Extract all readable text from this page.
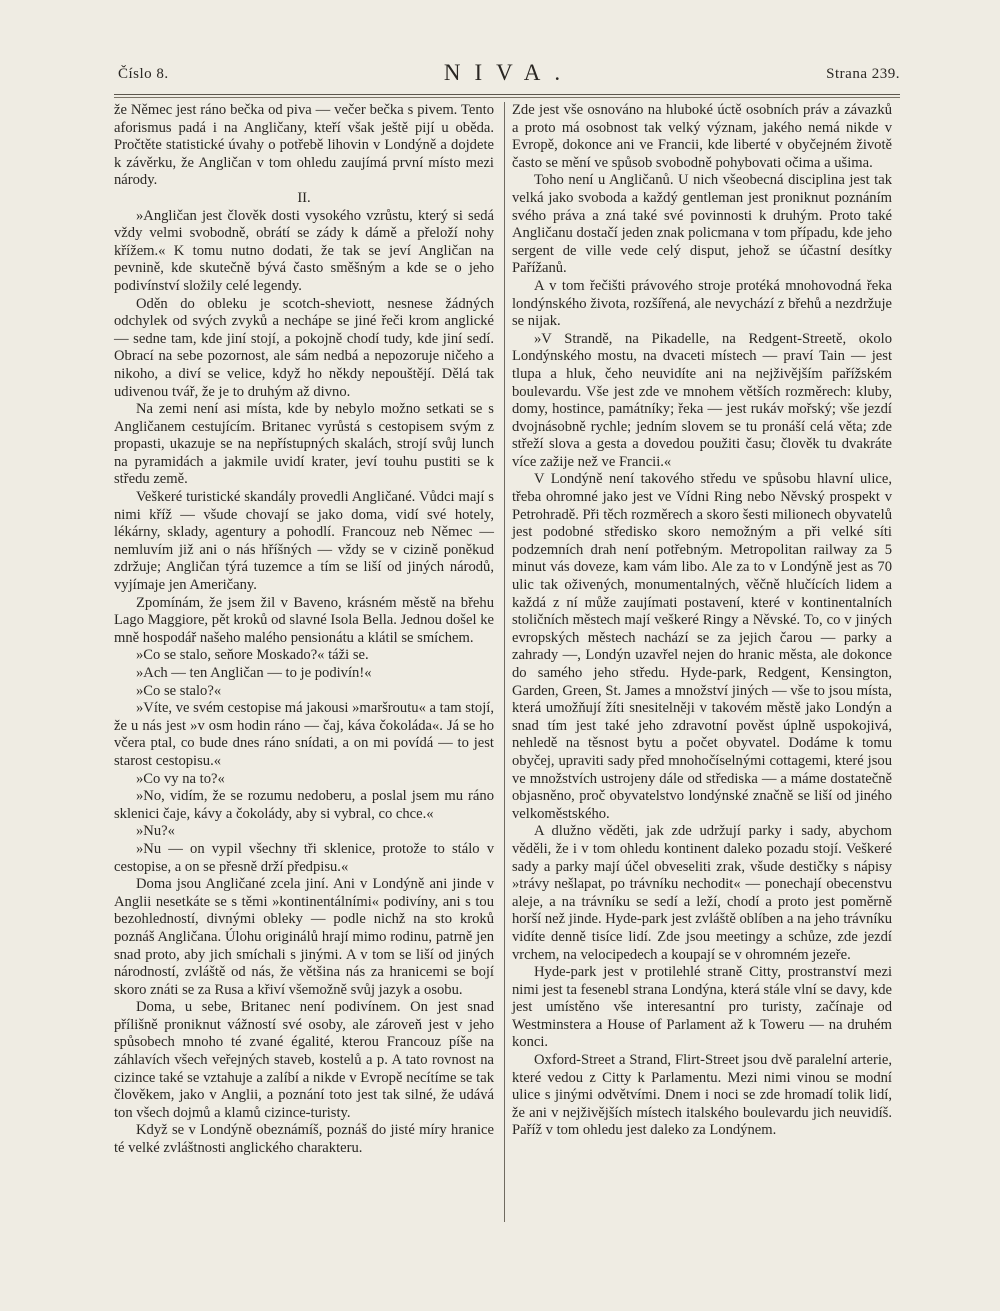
Číslo 8.	NIVA.	Strana 239.

že Němec jest ráno bečka od piva — večer bečka s pivem. Tento aforismus padá i na Angličany, kteří však ještě pijí u oběda. Pročtěte statistické úvahy o potřebě lihovin v Londýně a dojdete k závěrku, že Angličan v tom ohledu zaujímá první místo mezi národy.

II.

»Angličan jest člověk dosti vysokého vzrůstu, který si sedá vždy velmi svobodně, obrátí se zády k dámě a přeloží nohy křížem.« K tomu nutno dodati, že tak se jeví Angličan na pevnině, kde skutečně bývá často směšným a kde se o jeho podivínství složily celé legendy.

Oděn do obleku je scotch-sheviott, nesnese žádných odchylek od svých zvyků a nechápe se jiné řeči krom anglické — sedne tam, kde jiní stojí, a pokojně chodí tudy, kde jiní sedí. Obrací na sebe pozornost, ale sám nedbá a nepozoruje ničeho a nikoho, a diví se velice, když ho někdy nepouštějí. Dělá tak udivenou tvář, že je to druhým až divno.

Na zemi není asi místa, kde by nebylo možno setkati se s Angličanem cestujícím. Britanec vyrůstá s cestopisem svým z propasti, ukazuje se na nepřístupných skalách, strojí svůj lunch na pyramidách a jakmile uvidí krater, jeví touhu pustiti se k středu země.

Veškeré turistické skandály provedli Angličané. Vůdci mají s nimi kříž — všude chovají se jako doma, vidí své hotely, lékárny, sklady, agentury a pohodlí. Francouz neb Němec — nemluvím již ani o nás hříšných — vždy se v cizině poněkud zdržuje; Angličan týrá tuzemce a tím se liší od jiných národů, vyjímaje jen Američany.

Zpomínám, že jsem žil v Baveno, krásném městě na břehu Lago Maggiore, pět kroků od slavné Isola Bella. Jednou došel ke mně hospodář našeho malého pensionátu a klátil se smíchem.

»Co se stalo, seňore Moskado?« táži se.

»Ach — ten Angličan — to je podivín!«

»Co se stalo?«

»Víte, ve svém cestopise má jakousi »maršroutu« a tam stojí, že u nás jest »v osm hodin ráno — čaj, káva čokoláda«. Já se ho včera ptal, co bude dnes ráno snídati, a on mi povídá — to jest starost cestopisu.«

»Co vy na to?«

»No, vidím, že se rozumu nedoberu, a poslal jsem mu ráno sklenici čaje, kávy a čokolády, aby si vybral, co chce.«

»Nu?«

»Nu — on vypil všechny tři sklenice, protože to stálo v cestopise, a on se přesně drží předpisu.«

Doma jsou Angličané zcela jiní. Ani v Londýně ani jinde v Anglii nesetkáte se s těmi »kontinentálními« podivíny, ani s tou bezohledností, divnými obleky — podle nichž na sto kroků poznáš Angličana. Úlohu originálů hrají mimo rodinu, patrně jen snad proto, aby jich smíchali s jinými. A v tom se liší od jiných národností, zvláště od nás, že většina nás za hranicemi se bojí skoro znáti se za Rusa a křiví všemožně svůj jazyk a osobu.

Doma, u sebe, Britanec není podivínem. On jest snad přílišně proniknut vážností své osoby, ale zároveň jest v jeho spůsobech mnoho té zvané égalité, kterou Francouz píše na záhlavích všech veřejných staveb, kostelů a p. A tato rovnost na cizince také se vztahuje a zalíbí a nikde v Evropě necítíme se tak člověkem, jako v Anglii, a poznání toto jest tak silné, že udává ton všech dojmů a klamů cizince-turisty.

Když se v Londýně obeznámíš, poznáš do jisté míry hranice té velké zvláštnosti anglického charakteru.

Zde jest vše osnováno na hluboké úctě osobních práv a závazků a proto má osobnost tak velký význam, jakého nemá nikde v Evropě, dokonce ani ve Francii, kde liberté v obyčejném životě často se mění ve spůsob svobodně pohybovati očima a ušima.

Toho není u Angličanů. U nich všeobecná disciplina jest tak velká jako svoboda a každý gentleman jest proniknut poznáním svého práva a zná také své povinnosti k druhým. Proto také Angličanu dostačí jeden znak policmana v tom případu, kde jeho sergent de ville vede celý disput, jehož se účastní desítky Pařížanů.

A v tom řečišti právového stroje protéká mnohovodná řeka londýnského života, rozšířená, ale nevychází z břehů a nezdržuje se nijak.

»V Strandě, na Pikadelle, na Redgent-Streetě, okolo Londýnského mostu, na dvaceti místech — praví Tain — jest tlupa a hluk, čeho neuvidíte ani na nejživějším pařížském boulevardu. Vše jest zde ve mnohem větších rozměrech: kluby, domy, hostince, památníky; řeka — jest rukáv mořský; vše jezdí dvojnásobně rychle; jedním slovem se tu pronáší celá věta; zde střeží slova a gesta a dovedou použiti času; člověk tu dvakráte více zažije než ve Francii.«

V Londýně není takového středu ve spůsobu hlavní ulice, třeba ohromné jako jest ve Vídni Ring nebo Něvský prospekt v Petrohradě. Při těch rozměrech a skoro šesti milionech obyvatelů jest podobné středisko skoro nemožným a při velké síti podzemních drah není potřebným. Metropolitan railway za 5 minut vás doveze, kam vám libo. Ale za to v Londýně jest as 70 ulic tak oživených, monumentalných, věčně hlučících lidem a každá z ní může zaujímati postavení, které v kontinentalních stoličních městech mají veškeré Ringy a Něvské. To, co v jiných evropských městech nachází se za jejich čarou — parky a zahrady —, Londýn uzavřel nejen do hranic města, ale dokonce do samého jeho středu. Hyde-park, Redgent, Kensington, Garden, Green, St. James a množství jiných — vše to jsou místa, která umožňují žíti snesitelněji v takovém městě jako Londýn a snad tím jest také jeho zdravotní pověst úplně uspokojivá, nehledě na těsnost bytu a počet obyvatel. Dodáme k tomu obyčej, upraviti sady před mnohočíselnými cottagemi, které jsou ve množstvích ustrojeny dále od střediska — a máme dostatečně objasněno, proč obyvatelstvo londýnské značně se liší od jiného velkoměstského.

A dlužno věděti, jak zde udržují parky i sady, abychom věděli, že i v tom ohledu kontinent daleko pozadu stojí. Veškeré sady a parky mají účel obveseliti zrak, všude destičky s nápisy »trávy nešlapat, po trávníku nechodit« — ponechají obecenstvu aleje, a na trávníku se sedí a leží, chodí a proto jest poměrně horší než jinde. Hyde-park jest zvláště oblíben a na jeho trávníku vidíte denně tisíce lidí. Zde jsou meetingy a schůze, zde jezdí vrchem, na velocipedech a koupají se v ohromném jezeře.

Hyde-park jest v protilehlé straně Citty, prostranství mezi nimi jest ta fesenebl strana Londýna, která stále vlní se davy, kde jest umístěno vše interesantní pro turisty, začínaje od Westminstera a House of Parlament až k Toweru — na druhém konci.

Oxford-Street a Strand, Flirt-Street jsou dvě paralelní arterie, které vedou z Citty k Parlamentu. Mezi nimi vinou se modní ulice s jinými odvětvími. Dnem i noci se zde hromadí tolik lidí, že ani v nejživějších místech italského boulevardu jich neuvidíš. Paříž v tom ohledu jest daleko za Londýnem.
